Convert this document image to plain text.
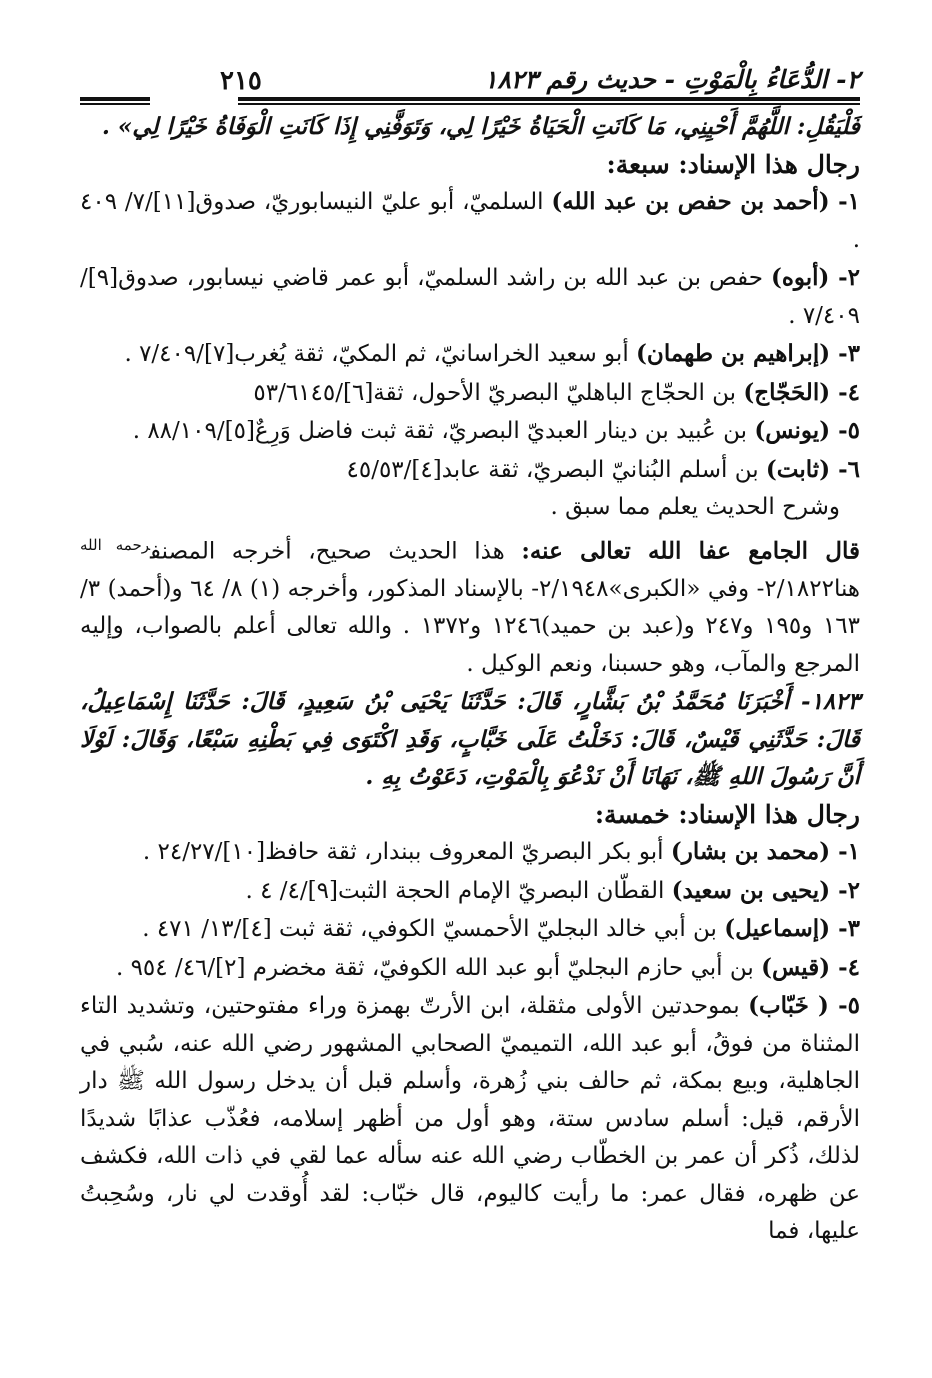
٢- الدُّعَاءُ بِالْمَوْتِ - حديث رقم ١٨٢٣
٢١٥

فَلْيَقُلِ: اللَّهُمَّ أَحْيِنِي، مَا كَانَتِ الْحَيَاةُ خَيْرًا لِي، وَتَوَفَّنِي إِذَا كَانَتِ الْوَفَاةُ خَيْرًا لِي» .

رجال هذا الإسناد: سبعة:

١- (أحمد بن حفص بن عبد الله) السلميّ، أبو عليّ النيسابوريّ، صدوق[١١]/٧/ ٤٠٩ .

٢- (أبوه) حفص بن عبد الله بن راشد السلميّ، أبو عمر قاضي نيسابور، صدوق[٩]/٧/٤٠٩ .

٣- (إبراهيم بن طهمان) أبو سعيد الخراسانيّ، ثم المكيّ، ثقة يُغرب[٧]/٧/٤٠٩ .

٤- (الحَجّاج) بن الحجّاج الباهليّ البصريّ الأحول، ثقة[٦]/٥٣/٦١٤٥

٥- (يونس) بن عُبيد بن دينار العبديّ البصريّ، ثقة ثبت فاضل وَرِعٌ[٥]/٨٨/١٠٩ .

٦- (ثابت) بن أسلم البُنانيّ البصريّ، ثقة عابد[٤]/٤٥/٥٣

وشرح الحديث يعلم مما سبق .

قال الجامع عفا الله تعالى عنه: هذا الحديث صحيح، أخرجه المصنف$^{رحمه الله}$ هنا٢/١٨٢٢- وفي «الكبرى»٢/١٩٤٨- بالإسناد المذكور، وأخرجه (١) ٨/ ٦٤ و(أحمد) ٣/ ١٦٣ و١٩٥ و٢٤٧ و(عبد بن حميد)١٢٤٦ و١٣٧٢ . والله تعالى أعلم بالصواب، وإليه المرجع والمآب، وهو حسبنا، ونعم الوكيل .

١٨٢٣- أَخْبَرَنَا مُحَمَّدُ بْنُ بَشَّارٍ، قَالَ: حَدَّثَنَا يَحْيَى بْنُ سَعِيدٍ، قَالَ: حَدَّثَنَا إِسْمَاعِيلُ، قَالَ: حَدَّثَنِي قَيْسٌ، قَالَ: دَخَلْتُ عَلَى خَبَّابٍ، وَقَدِ اكْتَوَى فِي بَطْنِهِ سَبْعًا، وَقَالَ: لَوْلَا أَنَّ رَسُولَ اللهِ ﷺ، نَهَانَا أَنْ نَدْعُوَ بِالْمَوْتِ، دَعَوْتُ بِهِ .

رجال هذا الإسناد: خمسة:

١- (محمد بن بشار) أبو بكر البصريّ المعروف ببندار، ثقة حافظ[١٠]/٢٤/٢٧ .

٢- (يحيى بن سعيد) القطّان البصريّ الإمام الحجة الثبت[٩]/٤/ ٤ .

٣- (إسماعيل) بن أبي خالد البجليّ الأحمسيّ الكوفي، ثقة ثبت [٤]/١٣/ ٤٧١ .

٤- (قيس) بن أبي حازم البجليّ أبو عبد الله الكوفيّ، ثقة مخضرم [٢]/٤٦/ ٩٥٤ .

٥- ( خَبّاب) بموحدتين الأولى مثقلة، ابن الأرتّ بهمزة وراء مفتوحتين، وتشديد التاء المثناة من فوقُ، أبو عبد الله، التميميّ الصحابي المشهور رضي الله عنه، سُبي في الجاهلية، وبيع بمكة، ثم حالف بني زُهرة، وأسلم قبل أن يدخل رسول الله ﷺ دار الأرقم، قيل: أسلم سادس ستة، وهو أول من أظهر إسلامه، فعُذّب عذابًا شديدًا لذلك، ذُكر أن عمر بن الخطّاب رضي الله عنه سأله عما لقي في ذات الله، فكشف عن ظهره، فقال عمر: ما رأيت كاليوم، قال خبّاب: لقد أُوقدت لي نار، وسُحِبتُ عليها، فما
